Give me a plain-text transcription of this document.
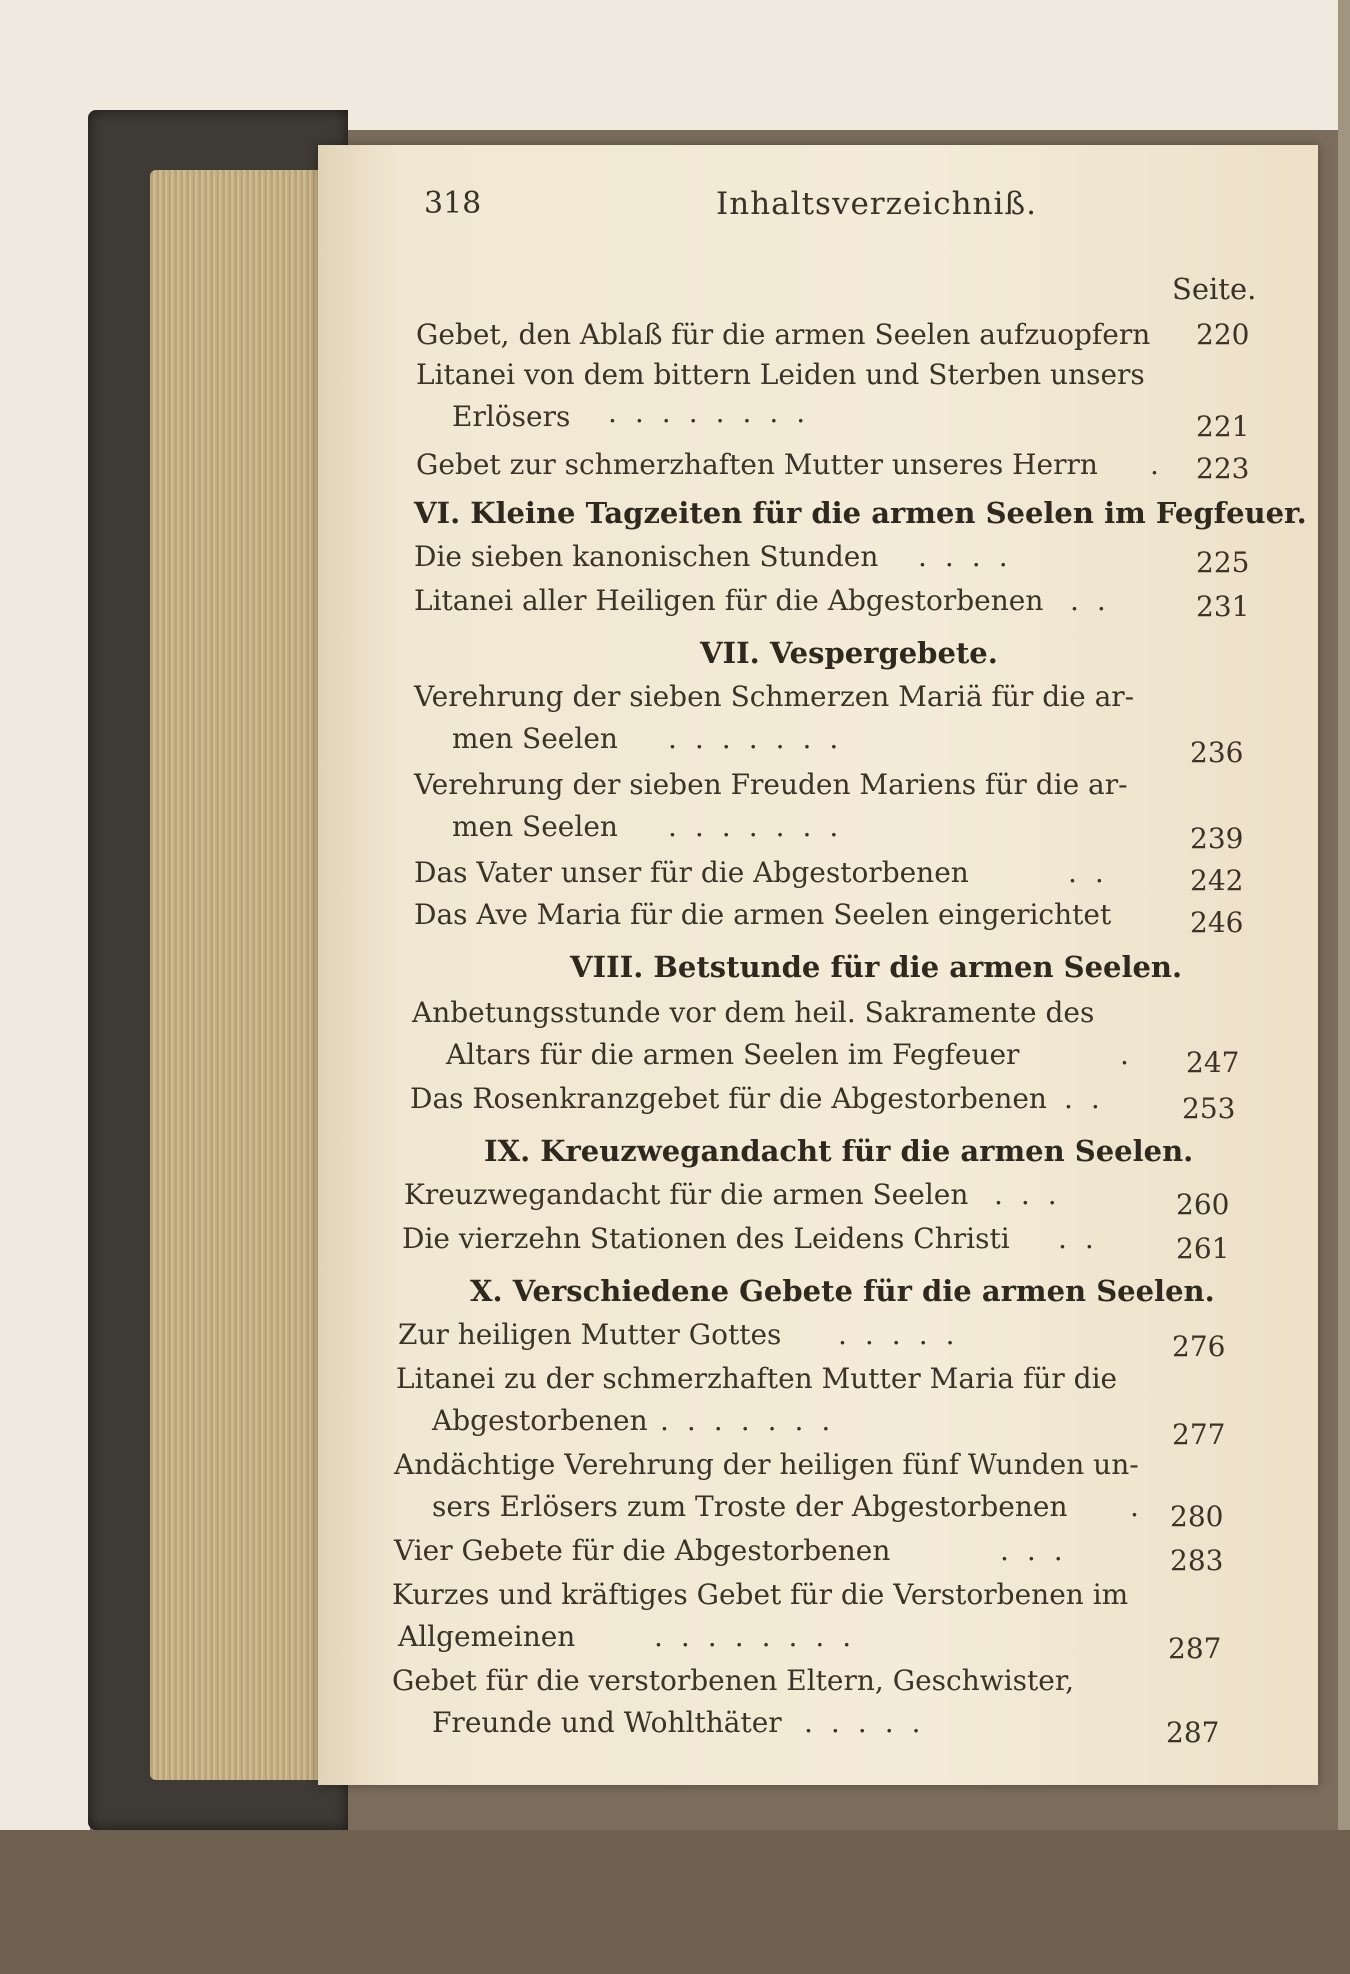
318	Inhaltsverzeichniß.
Seite.
Gebet, den Ablaß für die armen Seelen aufzuopfern 220
Litanei von dem bittern Leiden und Sterben unsers
Erlösers ........	221
Gebet zur schmerzhaften Mutter unseres Herrn . 223
VI. Kleine Tagzeiten für die armen Seelen im Fegfeuer.
Die sieben kanonischen Stunden ....	225
Litanei aller Heiligen für die Abgestorbenen ..	231
VII. Vespergebete.
Verehrung der sieben Schmerzen Mariä für die ar-
men Seelen .......	236
Verehrung der sieben Freuden Mariens für die ar-
men Seelen .......	239
Das Vater unser für die Abgestorbenen	.. 242
Das Ave Maria für die armen Seelen eingerichtet	246
VIII. Betstunde für die armen Seelen.
Anbetungsstunde vor dem heil. Sakramente des
Altars für die armen Seelen im Fegfeuer	. 247
Das Rosenkranzgebet für die Abgestorbenen .. 253
IX. Kreuzwegandacht für die armen Seelen.
Kreuzwegandacht für die armen Seelen ...	260
Die vierzehn Stationen des Leidens Christi .. 261
X. Verschiedene Gebete für die armen Seelen.
Zur heiligen Mutter Gottes .....	276
Litanei zu der schmerzhaften Mutter Maria für die
Abgestorbenen .......	277
Andächtige Verehrung der heiligen fünf Wunden un-
sers Erlösers zum Troste der Abgestorbenen . 280
Vier Gebete für die Abgestorbenen	...	283
Kurzes und kräftiges Gebet für die Verstorbenen im
Allgemeinen	........	287
Gebet für die verstorbenen Eltern, Geschwister,
Freunde und Wohlthäter .....	287
